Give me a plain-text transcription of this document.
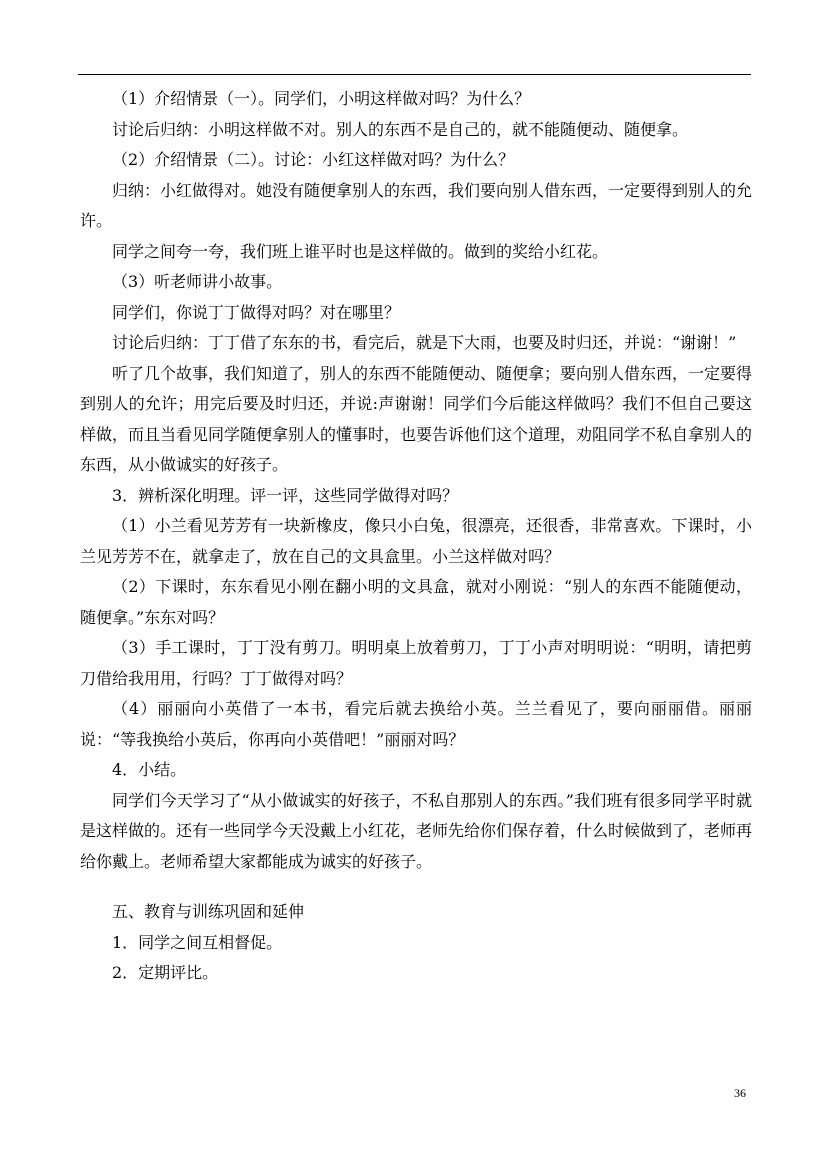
（1）介绍情景（一）。同学们，小明这样做对吗？为什么？

讨论后归纳：小明这样做不对。别人的东西不是自己的，就不能随便动、随便拿。

（2）介绍情景（二）。讨论：小红这样做对吗？为什么？

归纳：小红做得对。她没有随便拿别人的东西，我们要向别人借东西，一定要得到别人的允许。

同学之间夸一夸，我们班上谁平时也是这样做的。做到的奖给小红花。

（3）听老师讲小故事。

同学们，你说丁丁做得对吗？对在哪里？

讨论后归纳：丁丁借了东东的书，看完后，就是下大雨，也要及时归还，并说：“谢谢！”

听了几个故事，我们知道了，别人的东西不能随便动、随便拿；要向别人借东西，一定要得到别人的允许；用完后要及时归还，并说:声谢谢！同学们今后能这样做吗？我们不但自己要这样做，而且当看见同学随便拿别人的懂事时，也要告诉他们这个道理，劝阻同学不私自拿别人的东西，从小做诚实的好孩子。

3．辨析深化明理。评一评，这些同学做得对吗？

（1）小兰看见芳芳有一块新橡皮，像只小白兔，很漂亮，还很香，非常喜欢。下课时，小兰见芳芳不在，就拿走了，放在自己的文具盒里。小兰这样做对吗？

（2）下课时，东东看见小刚在翻小明的文具盒，就对小刚说：“别人的东西不能随便动，随便拿。”东东对吗？

（3）手工课时，丁丁没有剪刀。明明桌上放着剪刀，丁丁小声对明明说：“明明，请把剪刀借给我用用，行吗？丁丁做得对吗？

（4）丽丽向小英借了一本书，看完后就去换给小英。兰兰看见了，要向丽丽借。丽丽说：“等我换给小英后，你再向小英借吧！”丽丽对吗？

4．小结。

同学们今天学习了“从小做诚实的好孩子，不私自那别人的东西。”我们班有很多同学平时就是这样做的。还有一些同学今天没戴上小红花，老师先给你们保存着，什么时候做到了，老师再给你戴上。老师希望大家都能成为诚实的好孩子。

五、教育与训练巩固和延伸

1．同学之间互相督促。

2．定期评比。

36
